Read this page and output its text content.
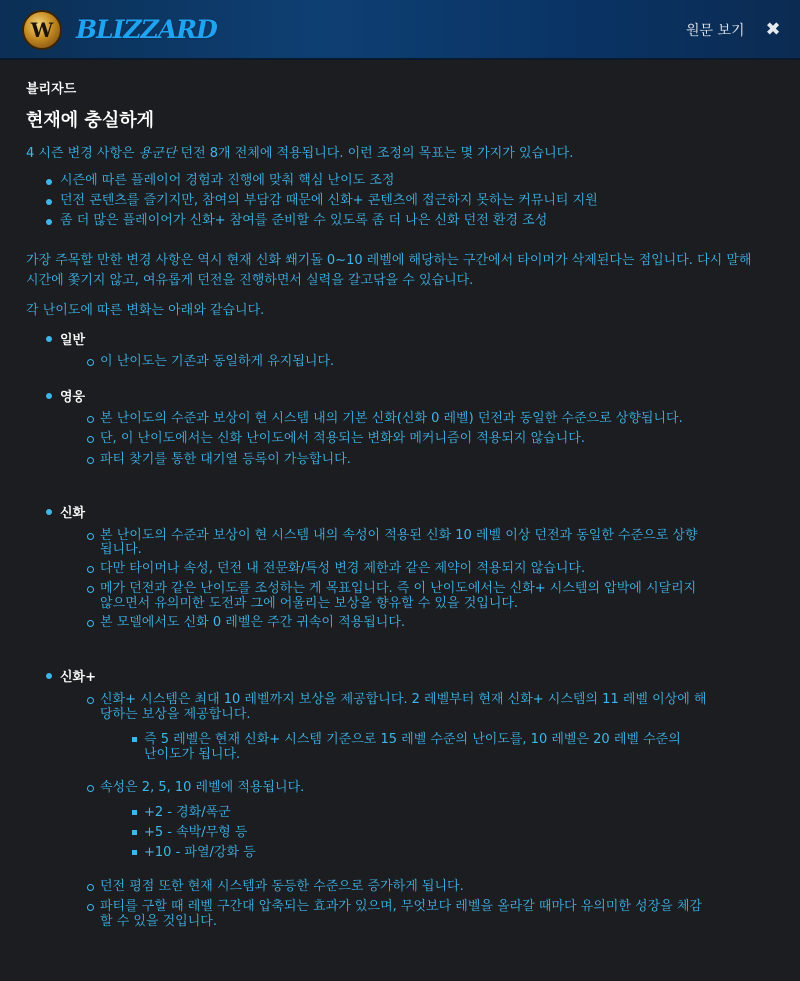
W
BLIZZARD	원문 보기 ✖
블리자드
현재에 충실하게

4 시즌 변경 사항은 용군단 던전 8개 전체에 적용됩니다. 이런 조정의 목표는 몇 가지가 있습니다.

시즌에 따른 플레이어 경험과 진행에 맞춰 핵심 난이도 조정
던전 콘텐츠를 즐기지만, 참여의 부담감 때문에 신화+ 콘텐츠에 접근하지 못하는 커뮤니티 지원
좀 더 많은 플레이어가 신화+ 참여를 준비할 수 있도록 좀 더 나은 신화 던전 환경 조성
가장 주목할 만한 변경 사항은 역시 현재 신화 쐐기돌 0~10 레벨에 해당하는 구간에서 타이머가 삭제된다는 점입니다. 다시 말해
시간에 쫓기지 않고, 여유롭게 던전을 진행하면서 실력을 갈고닦을 수 있습니다.
각 난이도에 따른 변화는 아래와 같습니다.
일반
이 난이도는 기존과 동일하게 유지됩니다.
영웅
본 난이도의 수준과 보상이 현 시스템 내의 기본 신화(신화 0 레벨) 던전과 동일한 수준으로 상향됩니다.
단, 이 난이도에서는 신화 난이도에서 적용되는 변화와 메커니즘이 적용되지 않습니다.
파티 찾기를 통한 대기열 등록이 가능합니다.
신화
본 난이도의 수준과 보상이 현 시스템 내의 속성이 적용된 신화 10 레벨 이상 던전과 동일한 수준으로 상향
됩니다.
다만 타이머나 속성, 던전 내 전문화/특성 변경 제한과 같은 제약이 적용되지 않습니다.
메가 던전과 같은 난이도를 조성하는 게 목표입니다. 즉 이 난이도에서는 신화+ 시스템의 압박에 시달리지
않으면서 유의미한 도전과 그에 어울리는 보상을 향유할 수 있을 것입니다.
본 모델에서도 신화 0 레벨은 주간 귀속이 적용됩니다.
신화+
신화+ 시스템은 최대 10 레벨까지 보상을 제공합니다. 2 레벨부터 현재 신화+ 시스템의 11 레벨 이상에 해
당하는 보상을 제공합니다.
즉 5 레벨은 현재 신화+ 시스템 기준으로 15 레벨 수준의 난이도를, 10 레벨은 20 레벨 수준의
난이도가 됩니다.
속성은 2, 5, 10 레벨에 적용됩니다.
+2 - 경화/폭군
+5 - 속박/무형 등
+10 - 파열/강화 등
던전 평점 또한 현재 시스템과 동등한 수준으로 증가하게 됩니다.
파티를 구할 때 레벨 구간대 압축되는 효과가 있으며, 무엇보다 레벨을 올라갈 때마다 유의미한 성장을 체감
할 수 있을 것입니다.
